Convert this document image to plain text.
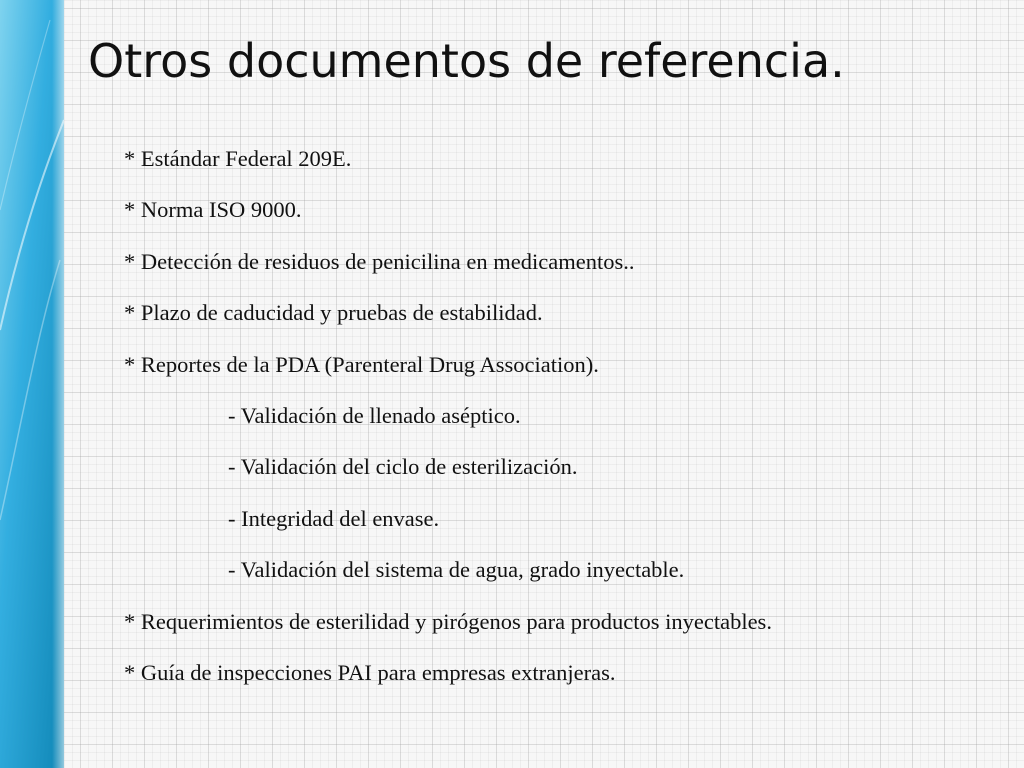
Otros documentos de referencia.
* Estándar Federal 209E.
* Norma ISO 9000.
* Detección de residuos de penicilina en medicamentos..
* Plazo de caducidad y pruebas de estabilidad.
* Reportes de la PDA (Parenteral Drug Association).
- Validación de llenado aséptico.
- Validación del ciclo de esterilización.
- Integridad del envase.
- Validación del sistema de agua, grado inyectable.
* Requerimientos de esterilidad y pirógenos para productos inyectables.
* Guía de inspecciones PAI para empresas extranjeras.
